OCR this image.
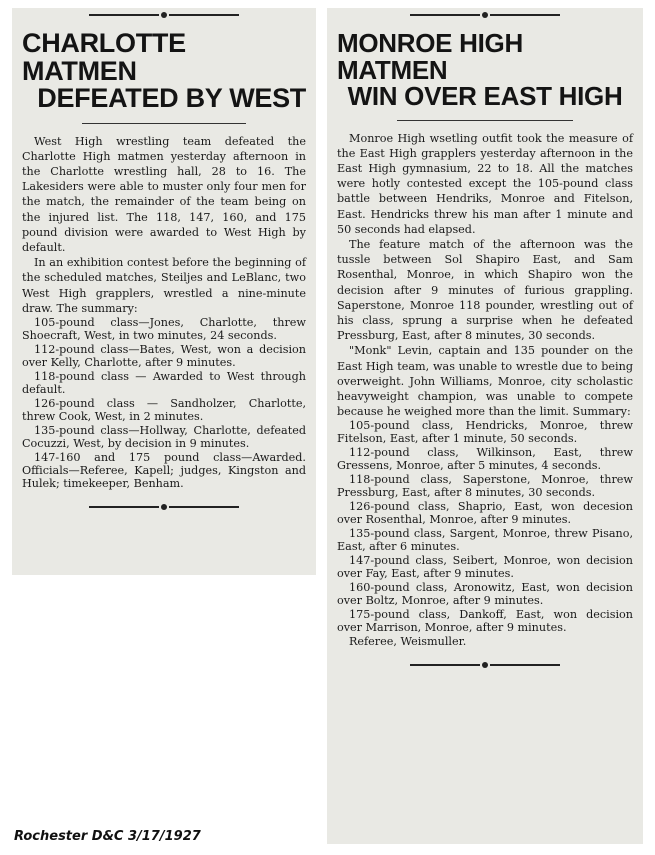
CHARLOTTE MATMEN
DEFEATED BY WEST

West High wrestling team defeated the Charlotte High matmen yesterday afternoon in the Charlotte wrestling hall, 28 to 16. The Lakesiders were able to muster only four men for the match, the remainder of the team being on the injured list. The 118, 147, 160, and 175 pound division were awarded to West High by default.

In an exhibition contest before the beginning of the scheduled matches, Steiljes and LeBlanc, two West High grapplers, wrestled a nine-minute draw. The summary:

105-pound class—Jones, Charlotte, threw Shoecraft, West, in two minutes, 24 seconds.

112-pound class—Bates, West, won a decision over Kelly, Charlotte, after 9 minutes.

118-pound class — Awarded to West through default.

126-pound class — Sandholzer, Charlotte, threw Cook, West, in 2 minutes.

135-pound class—Hollway, Charlotte, defeated Cocuzzi, West, by decision in 9 minutes.

147-160 and 175 pound class—Awarded. Officials—Referee, Kapell; judges, Kingston and Hulek; timekeeper, Benham.

MONROE HIGH MATMEN
WIN OVER EAST HIGH

Monroe High wsetling outfit took the measure of the East High grapplers yesterday afternoon in the East High gymnasium, 22 to 18. All the matches were hotly contested except the 105-pound class battle between Hendriks, Monroe and Fitelson, East. Hendricks threw his man after 1 minute and 50 seconds had elapsed.

The feature match of the afternoon was the tussle between Sol Shapiro East, and Sam Rosenthal, Monroe, in which Shapiro won the decision after 9 minutes of furious grappling. Saperstone, Monroe 118 pounder, wrestling out of his class, sprung a surprise when he defeated Pressburg, East, after 8 minutes, 30 seconds.

"Monk" Levin, captain and 135 pounder on the East High team, was unable to wrestle due to being overweight. John Williams, Monroe, city scholastic heavyweight champion, was unable to compete because he weighed more than the limit. Summary:

105-pound class, Hendricks, Monroe, threw Fitelson, East, after 1 minute, 50 seconds.

112-pound class, Wilkinson, East, threw Gressens, Monroe, after 5 minutes, 4 seconds.

118-pound class, Saperstone, Monroe, threw Pressburg, East, after 8 minutes, 30 seconds.

126-pound class, Shaprio, East, won decesion over Rosenthal, Monroe, after 9 minutes.

135-pound class, Sargent, Monroe, threw Pisano, East, after 6 minutes.

147-pound class, Seibert, Monroe, won decision over Fay, East, after 9 minutes.

160-pound class, Aronowitz, East, won decision over Boltz, Monroe, after 9 minutes.

175-pound class, Dankoff, East, won decision over Marrison, Monroe, after 9 minutes.

Referee, Weismuller.

Rochester D&C 3/17/1927
